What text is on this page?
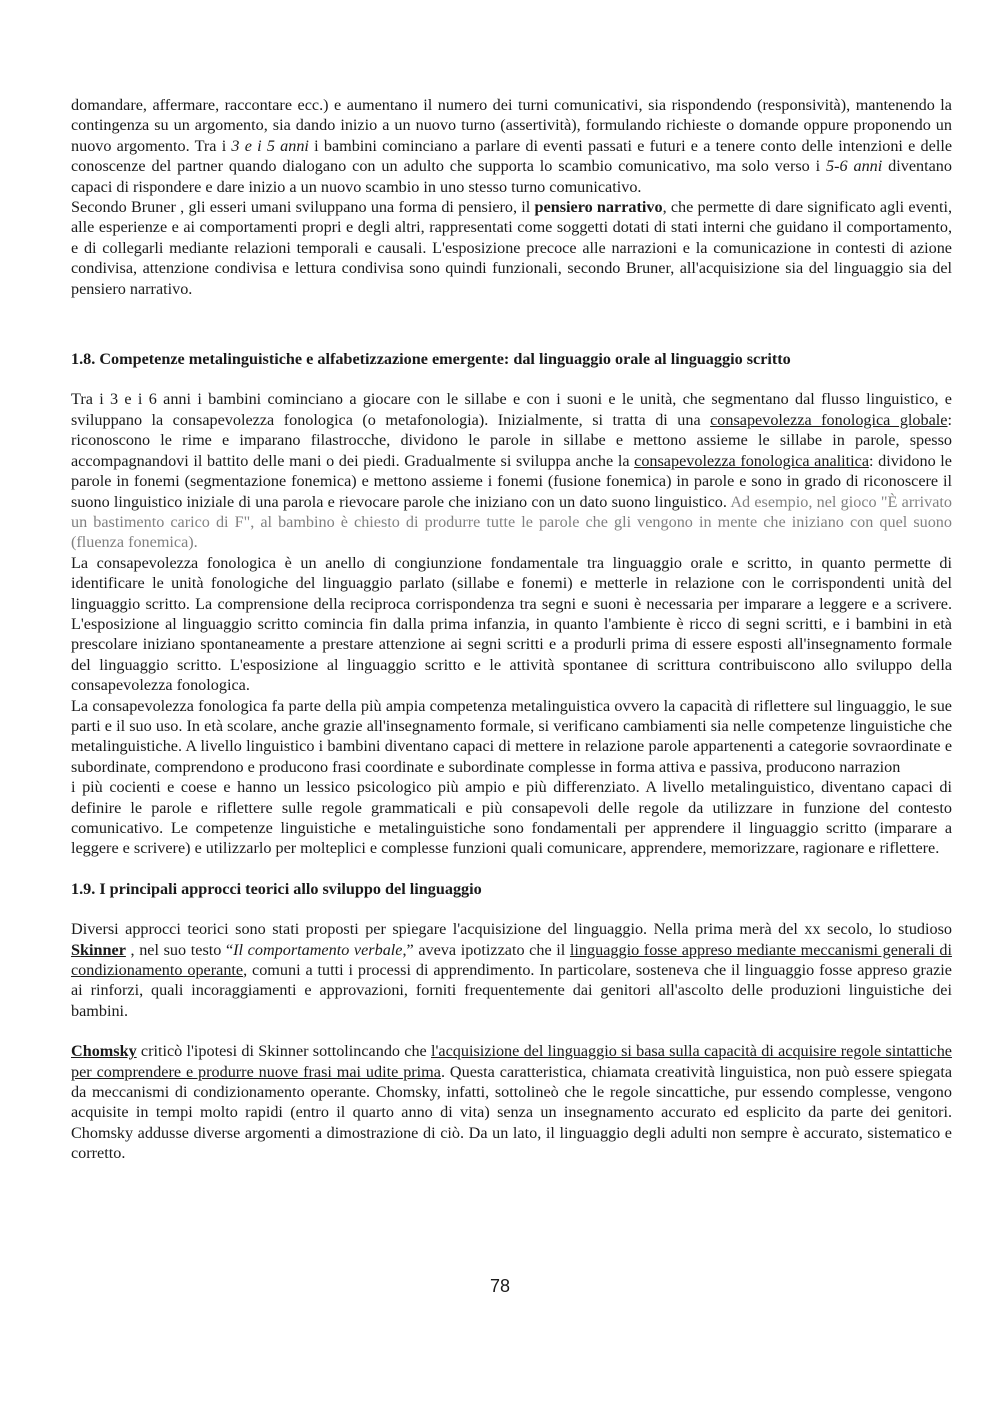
domandare, affermare, raccontare ecc.) e aumentano il numero dei turni comunicativi, sia rispondendo (responsività), mantenendo la contingenza su un argomento, sia dando inizio a un nuovo turno (assertività), formulando richieste o domande oppure proponendo un nuovo argomento. Tra i 3 e i 5 anni i bambini cominciano a parlare di eventi passati e futuri e a tenere conto delle intenzioni e delle conoscenze del partner quando dialogano con un adulto che supporta lo scambio comunicativo, ma solo verso i 5-6 anni diventano capaci di rispondere e dare inizio a un nuovo scambio in uno stesso turno comunicativo.

Secondo Bruner , gli esseri umani sviluppano una forma di pensiero, il pensiero narrativo, che permette di dare significato agli eventi, alle esperienze e ai comportamenti propri e degli altri, rappresentati come soggetti dotati di stati interni che guidano il comportamento, e di collegarli mediante relazioni temporali e causali. L'esposizione precoce alle narrazioni e la comunicazione in contesti di azione condivisa, attenzione condivisa e lettura condivisa sono quindi funzionali, secondo Bruner, all'acquisizione sia del linguaggio sia del pensiero narrativo.

1.8. Competenze metalinguistiche e alfabetizzazione emergente: dal linguaggio orale al linguaggio scritto

Tra i 3 e i 6 anni i bambini cominciano a giocare con le sillabe e con i suoni e le unità, che segmentano dal flusso linguistico, e sviluppano la consapevolezza fonologica (o metafonologia). Inizialmente, si tratta di una consapevolezza fonologica globale: riconoscono le rime e imparano filastrocche, dividono le parole in sillabe e mettono assieme le sillabe in parole, spesso accompagnandovi il battito delle mani o dei piedi. Gradualmente si sviluppa anche la consapevolezza fonologica analitica: dividono le parole in fonemi (segmentazione fonemica) e mettono assieme i fonemi (fusione fonemica) in parole e sono in grado di riconoscere il suono linguistico iniziale di una parola e rievocare parole che iniziano con un dato suono linguistico. Ad esempio, nel gioco "È arrivato un bastimento carico di F", al bambino è chiesto di produrre tutte le parole che gli vengono in mente che iniziano con quel suono (fluenza fonemica).

La consapevolezza fonologica è un anello di congiunzione fondamentale tra linguaggio orale e scritto, in quanto permette di identificare le unità fonologiche del linguaggio parlato (sillabe e fonemi) e metterle in relazione con le corrispondenti unità del linguaggio scritto. La comprensione della reciproca corrispondenza tra segni e suoni è necessaria per imparare a leggere e a scrivere. L'esposizione al linguaggio scritto comincia fin dalla prima infanzia, in quanto l'ambiente è ricco di segni scritti, e i bambini in età prescolare iniziano spontaneamente a prestare attenzione ai segni scritti e a produrli prima di essere esposti all'insegnamento formale del linguaggio scritto. L'esposizione al linguaggio scritto e le attività spontanee di scrittura contribuiscono allo sviluppo della consapevolezza fonologica.

La consapevolezza fonologica fa parte della più ampia competenza metalinguistica ovvero la capacità di riflettere sul linguaggio, le sue parti e il suo uso. In età scolare, anche grazie all'insegnamento formale, si verificano cambiamenti sia nelle competenze linguistiche che metalinguistiche. A livello linguistico i bambini diventano capaci di mettere in relazione parole appartenenti a categorie sovraordinate e subordinate, comprendono e producono frasi coordinate e subordinate complesse in forma attiva e passiva, producono narrazion

i più cocienti e coese e hanno un lessico psicologico più ampio e più differenziato. A livello metalinguistico, diventano capaci di definire le parole e riflettere sulle regole grammaticali e più consapevoli delle regole da utilizzare in funzione del contesto comunicativo. Le competenze linguistiche e metalinguistiche sono fondamentali per apprendere il linguaggio scritto (imparare a leggere e scrivere) e utilizzarlo per molteplici e complesse funzioni quali comunicare, apprendere, memorizzare, ragionare e riflettere.

1.9. I principali approcci teorici allo sviluppo del linguaggio

Diversi approcci teorici sono stati proposti per spiegare l'acquisizione del linguaggio. Nella prima merà del xx secolo, lo studioso Skinner , nel suo testo “Il comportamento verbale,” aveva ipotizzato che il linguaggio fosse appreso mediante meccanismi generali di condizionamento operante, comuni a tutti i processi di apprendimento. In particolare, sosteneva che il linguaggio fosse appreso grazie ai rinforzi, quali incoraggiamenti e approvazioni, forniti frequentemente dai genitori all'ascolto delle produzioni linguistiche dei bambini.

Chomsky criticò l'ipotesi di Skinner sottolincando che l'acquisizione del linguaggio si basa sulla capacità di acquisire regole sintattiche per comprendere e produrre nuove frasi mai udite prima. Questa caratteristica, chiamata creatività linguistica, non può essere spiegata da meccanismi di condizionamento operante. Chomsky, infatti, sottolineò che le regole sincattiche, pur essendo complesse, vengono acquisite in tempi molto rapidi (entro il quarto anno di vita) senza un insegnamento accurato ed esplicito da parte dei genitori. Chomsky addusse diverse argomenti a dimostrazione di ciò. Da un lato, il linguaggio degli adulti non sempre è accurato, sistematico e corretto.

78
